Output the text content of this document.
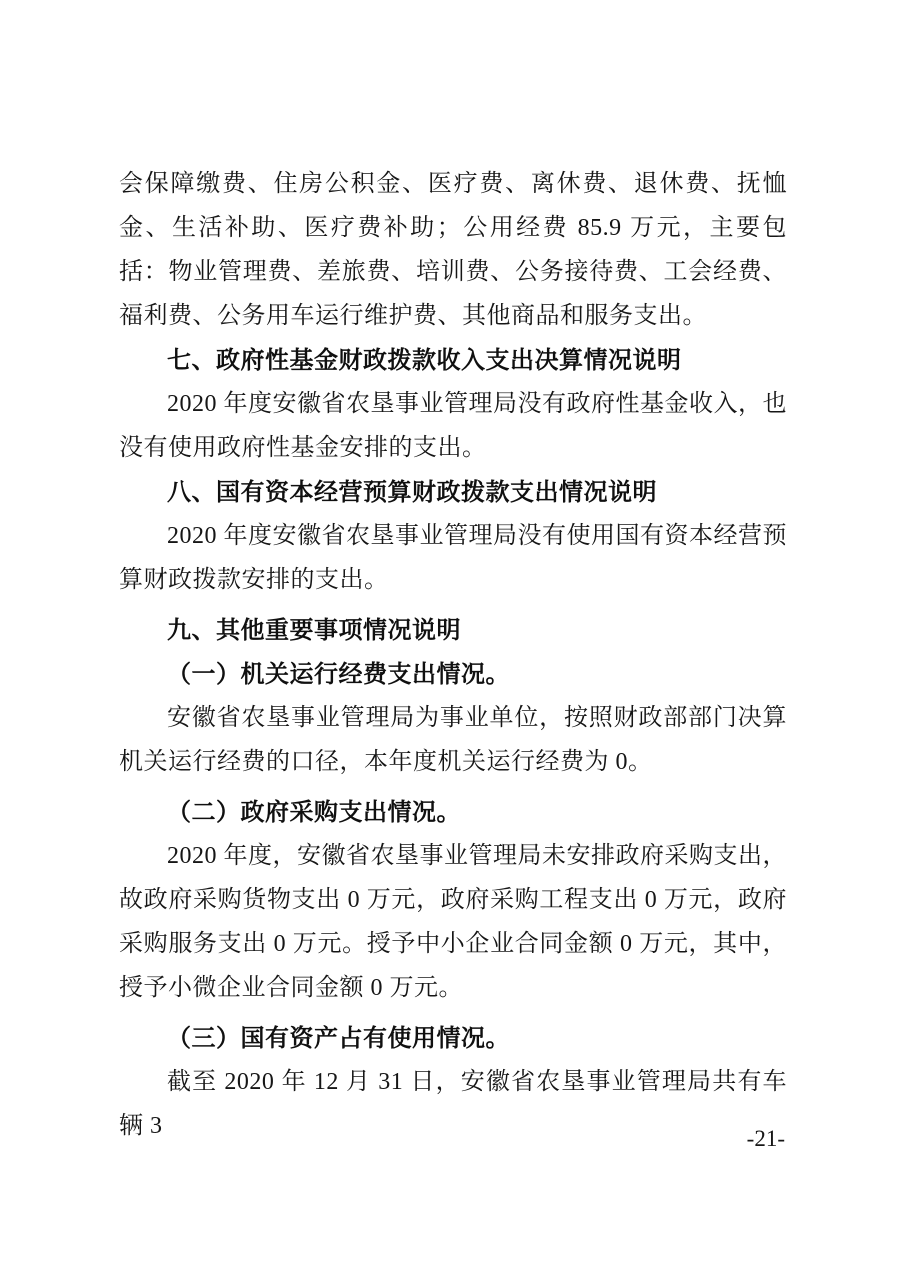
会保障缴费、住房公积金、医疗费、离休费、退休费、抚恤金、生活补助、医疗费补助；公用经费 85.9 万元，主要包括：物业管理费、差旅费、培训费、公务接待费、工会经费、福利费、公务用车运行维护费、其他商品和服务支出。

七、政府性基金财政拨款收入支出决算情况说明

2020 年度安徽省农垦事业管理局没有政府性基金收入，也没有使用政府性基金安排的支出。

八、国有资本经营预算财政拨款支出情况说明

2020 年度安徽省农垦事业管理局没有使用国有资本经营预算财政拨款安排的支出。

九、其他重要事项情况说明
（一）机关运行经费支出情况。

安徽省农垦事业管理局为事业单位，按照财政部部门决算机关运行经费的口径，本年度机关运行经费为 0。

（二）政府采购支出情况。

2020 年度，安徽省农垦事业管理局未安排政府采购支出，故政府采购货物支出 0 万元，政府采购工程支出 0 万元，政府采购服务支出 0 万元。授予中小企业合同金额 0 万元，其中，授予小微企业合同金额 0 万元。

（三）国有资产占有使用情况。

截至 2020 年 12 月 31 日，安徽省农垦事业管理局共有车辆 3	-21-
